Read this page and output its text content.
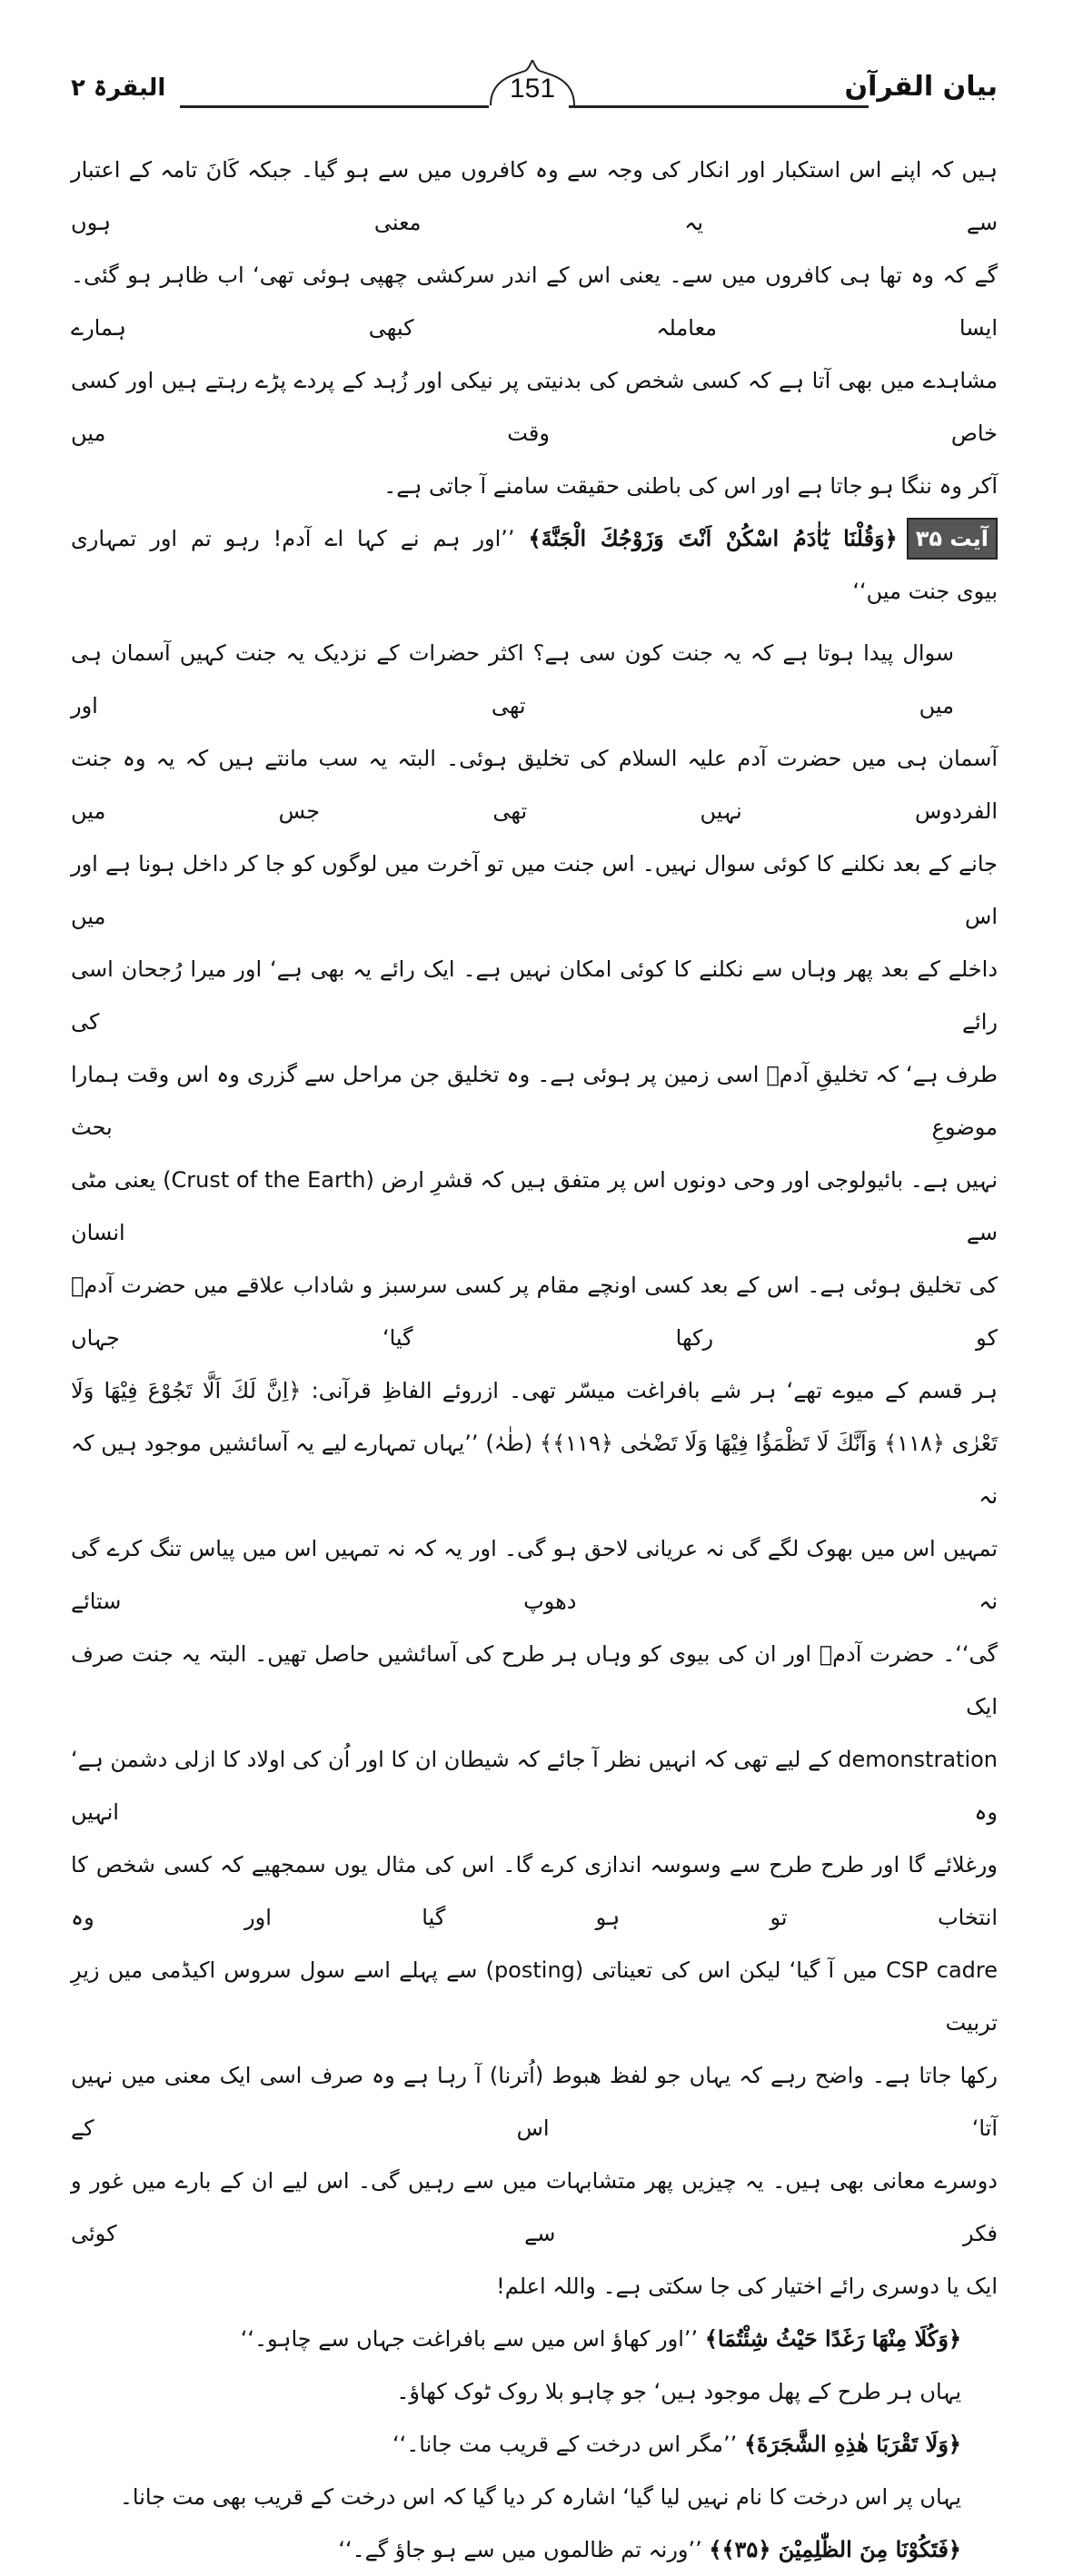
بیان القرآن
151
البقرۃ ۲
ہیں کہ اپنے اس استکبار اور انکار کی وجہ سے وہ کافروں میں سے ہو گیا۔ جبکہ کَانَ تامہ کے اعتبار سے یہ معنی ہوں
گے کہ وہ تھا ہی کافروں میں سے۔ یعنی اس کے اندر سرکشی چھپی ہوئی تھی‘ اب ظاہر ہو گئی۔ ایسا معاملہ کبھی ہمارے
مشاہدے میں بھی آتا ہے کہ کسی شخص کی بدنیتی پر نیکی اور زُہد کے پردے پڑے رہتے ہیں اور کسی خاص وقت میں
آکر وہ ننگا ہو جاتا ہے اور اس کی باطنی حقیقت سامنے آ جاتی ہے۔
آیت ۳۵﴿وَقُلْنَا يٰٓاٰدَمُ اسْكُنْ اَنْتَ وَزَوْجُكَ الْجَنَّةَ﴾ ’’اور ہم نے کہا اے آدم! رہو تم اور تمہاری
بیوی جنت میں‘‘
سوال پیدا ہوتا ہے کہ یہ جنت کون سی ہے؟ اکثر حضرات کے نزدیک یہ جنت کہیں آسمان ہی میں تھی اور
آسمان ہی میں حضرت آدم علیہ السلام کی تخلیق ہوئی۔ البتہ یہ سب مانتے ہیں کہ یہ وہ جنت الفردوس نہیں تھی جس میں
جانے کے بعد نکلنے کا کوئی سوال نہیں۔ اس جنت میں تو آخرت میں لوگوں کو جا کر داخل ہونا ہے اور اس میں
داخلے کے بعد پھر وہاں سے نکلنے کا کوئی امکان نہیں ہے۔ ایک رائے یہ بھی ہے‘ اور میرا رُجحان اسی رائے کی
طرف ہے‘ کہ تخلیقِ آدمؑ اسی زمین پر ہوئی ہے۔ وہ تخلیق جن مراحل سے گزری وہ اس وقت ہمارا موضوعِ بحث
نہیں ہے۔ بائیولوجی اور وحی دونوں اس پر متفق ہیں کہ قشرِ ارض (Crust of the Earth) یعنی مٹی سے انسان
کی تخلیق ہوئی ہے۔ اس کے بعد کسی اونچے مقام پر کسی سرسبز و شاداب علاقے میں حضرت آدمؑ کو رکھا گیا‘ جہاں
ہر قسم کے میوے تھے‘ ہر شے بافراغت میسّر تھی۔ ازروئے الفاظِ قرآنی: ﴿اِنَّ لَكَ اَلَّا تَجُوْعَ فِيْهَا وَلَا
تَعْرٰى ﴿۱۱۸﴾ وَاَنَّكَ لَا تَظْمَؤُا فِيْهَا وَلَا تَضْحٰى ﴿۱۱۹﴾﴾ (طٰہٰ) ’’یہاں تمہارے لیے یہ آسائشیں موجود ہیں کہ نہ
تمہیں اس میں بھوک لگے گی نہ عریانی لاحق ہو گی۔ اور یہ کہ نہ تمہیں اس میں پیاس تنگ کرے گی نہ دھوپ ستائے
گی‘‘۔ حضرت آدمؑ اور ان کی بیوی کو وہاں ہر طرح کی آسائشیں حاصل تھیں۔ البتہ یہ جنت صرف ایک
demonstration کے لیے تھی کہ انہیں نظر آ جائے کہ شیطان ان کا اور اُن کی اولاد کا ازلی دشمن ہے‘ وہ انہیں
ورغلائے گا اور طرح طرح سے وسوسہ اندازی کرے گا۔ اس کی مثال یوں سمجھیے کہ کسی شخص کا انتخاب تو ہو گیا اور وہ
CSP cadre میں آ گیا‘ لیکن اس کی تعیناتی (posting) سے پہلے اسے سول سروس اکیڈمی میں زیرِ تربیت
رکھا جاتا ہے۔ واضح رہے کہ یہاں جو لفظ ھبوط (اُترنا) آ رہا ہے وہ صرف اسی ایک معنی میں نہیں آتا‘ اس کے
دوسرے معانی بھی ہیں۔ یہ چیزیں پھر متشابہات میں سے رہیں گی۔ اس لیے ان کے بارے میں غور و فکر سے کوئی
ایک یا دوسری رائے اختیار کی جا سکتی ہے۔ واللہ اعلم!
﴿وَكُلَا مِنْهَا رَغَدًا حَيْثُ شِئْتُمَا﴾ ’’اور کھاؤ اس میں سے بافراغت جہاں سے چاہو۔‘‘
یہاں ہر طرح کے پھل موجود ہیں‘ جو چاہو بلا روک ٹوک کھاؤ۔
﴿وَلَا تَقْرَبَا هٰذِهِ الشَّجَرَةَ﴾ ’’مگر اس درخت کے قریب مت جانا۔‘‘
یہاں پر اس درخت کا نام نہیں لیا گیا‘ اشارہ کر دیا گیا کہ اس درخت کے قریب بھی مت جانا۔
﴿فَتَكُوْنَا مِنَ الظّٰلِمِيْنَ ﴿۳۵﴾﴾ ’’ورنہ تم ظالموں میں سے ہو جاؤ گے۔‘‘
